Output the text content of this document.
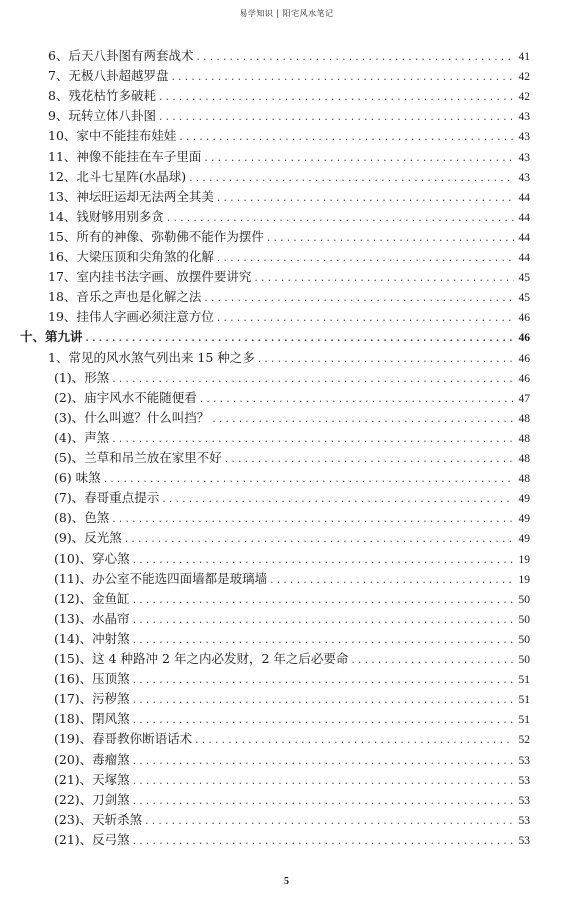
易学知识 | 阳宅风水笔记
6、后天八卦图有两套战术 .....	41
7、无极八卦超越罗盘 .....	42
8、残花枯竹多破耗 .....	42
9、玩转立体八卦图 .....	43
10、家中不能挂布娃娃 .....	43
11、神像不能挂在车子里面 .....	43
12、北斗七星阵(水晶球) .....	43
13、神坛旺运却无法两全其美 .....	44
14、钱财够用别多贪 .....	44
15、所有的神像、弥勒佛不能作为摆件 .....	44
16、大梁压顶和尖角煞的化解 .....	44
17、室内挂书法字画、放摆件要讲究 .....	45
18、音乐之声也是化解之法 .....	45
19、挂伟人字画必须注意方位 .....	46
十、第九讲 .....	46
1、常见的风水煞气列出来 15 种之多 .....	46
(1)、形煞 .....	46
(2)、庙宇风水不能随便看 .....	47
(3)、什么叫遮？什么叫挡？ .....	48
(4)、声煞 .....	48
(5)、兰草和吊兰放在家里不好 .....	48
(6) 味煞 .....	48
(7)、春哥重点提示 .....	49
(8)、色煞 .....	49
(9)、反光煞 .....	49
(10)、穿心煞 .....	19
(11)、办公室不能选四面墙都是玻璃墙 .....	19
(12)、金鱼缸 .....	50
(13)、水晶帘 .....	50
(14)、冲射煞 .....	50
(15)、这 4 种路冲 2 年之内必发财，2 年之后必要命 .....	50
(16)、压顶煞 .....	51
(17)、污秽煞 .....	51
(18)、閉风煞 .....	51
(19)、春哥教你断语话术 .....	52
(20)、毒瘤煞 .....	53
(21)、天塚煞 .....	53
(22)、刀剑煞 .....	53
(23)、天斩杀煞 .....	53
(21)、反弓煞 .....	53
5
